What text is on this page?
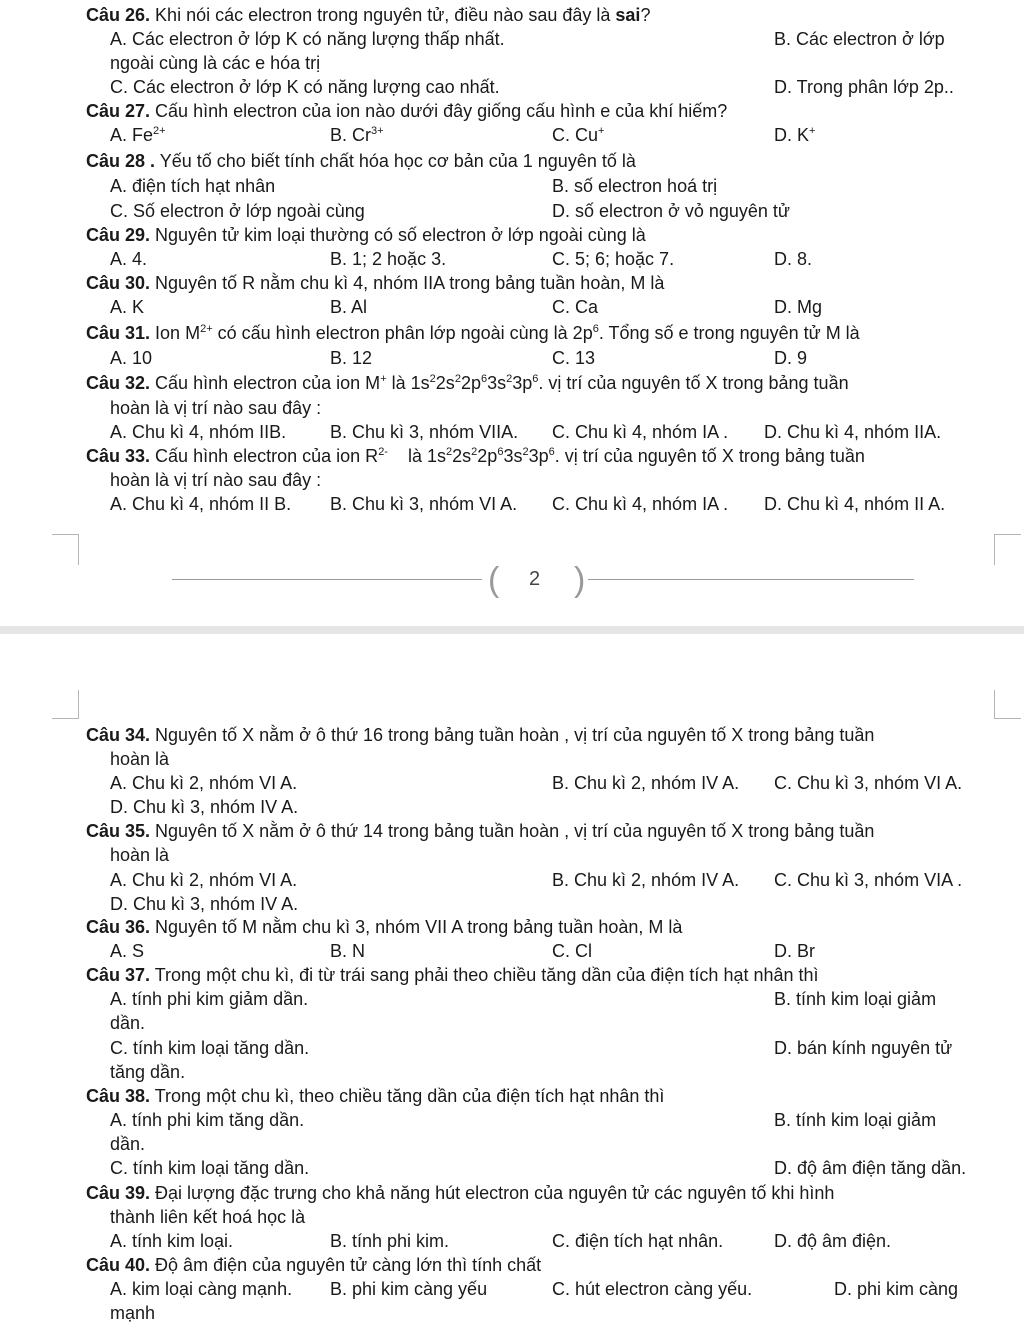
Câu 26. Khi nói các electron trong nguyên tử, điều nào sau đây là sai?
A. Các electron ở lớp K có năng lượng thấp nhất.	B. Các electron ở lớp
ngoài cùng là các e hóa trị
C. Các electron ở lớp K có năng lượng cao nhất.	D. Trong phân lớp 2p..
Câu 27. Cấu hình electron của ion nào dưới đây giống cấu hình e của khí hiếm?
A. $Fe^{2+}$	B. $Cr^{3+}$	C. Cu+	D. K+
Câu 28 . Yếu tố cho biết tính chất hóa học cơ bản của 1 nguyên tố là
A. điện tích hạt nhân	B. số electron hoá trị
C. Số electron ở lớp ngoài cùng	D. số electron ở vỏ nguyên tử
Câu 29. Nguyên tử kim loại thường có số electron ở lớp ngoài cùng là
A. 4.	B. 1; 2 hoặc 3.	C. 5; 6; hoặc 7.	D. 8.
Câu 30. Nguyên tố R nằm chu kì 4, nhóm IIA trong bảng tuần hoàn, M là
A. K	B. Al	C. Ca	D. Mg
Câu 31. Ion $M^{2+}$ có cấu hình electron phân lớp ngoài cùng là $2p^6$. Tổng số e trong nguyên tử M là
A. 10	B. 12	C. 13	D. 9
Câu 32. Cấu hình electron của ion M+ là $1s^22s^22p^63s^23p^6$. vị trí của nguyên tố X trong bảng tuần
hoàn là vị trí nào sau đây :
A. Chu kì 4, nhóm IIB. B. Chu kì 3, nhóm VIIA. C. Chu kì 4, nhóm IA . D. Chu kì 4, nhóm IIA.
Câu 33. Cấu hình electron của ion $R^{2-}$ là $1s^22s^22p^63s^23p^6$. vị trí của nguyên tố X trong bảng tuần
hoàn là vị trí nào sau đây :
A. Chu kì 4, nhóm II B. B. Chu kì 3, nhóm VI A. C. Chu kì 4, nhóm IA . D. Chu kì 4, nhóm II A.
( 2 )
Câu 34. Nguyên tố X nằm ở ô thứ 16 trong bảng tuần hoàn , vị trí của nguyên tố X trong bảng tuần
hoàn là
A. Chu kì 2, nhóm VI A.	B. Chu kì 2, nhóm IV A. C. Chu kì 3, nhóm VI A.
D. Chu kì 3, nhóm IV A.
Câu 35. Nguyên tố X nằm ở ô thứ 14 trong bảng tuần hoàn , vị trí của nguyên tố X trong bảng tuần
hoàn là
A. Chu kì 2, nhóm VI A.	B. Chu kì 2, nhóm IV A. C. Chu kì 3, nhóm VIA .
D. Chu kì 3, nhóm IV A.
Câu 36. Nguyên tố M nằm chu kì 3, nhóm VII A trong bảng tuần hoàn, M là
A. S	B. N	C. Cl	D. Br
Câu 37. Trong một chu kì, đi từ trái sang phải theo chiều tăng dần của điện tích hạt nhân thì
A. tính phi kim giảm dần.	B. tính kim loại giảm
dần.
C. tính kim loại tăng dần.	D. bán kính nguyên tử
tăng dần.
Câu 38. Trong một chu kì, theo chiều tăng dần của điện tích hạt nhân thì
A. tính phi kim tăng dần.	B. tính kim loại giảm
dần.
C. tính kim loại tăng dần.	D. độ âm điện tăng dần.
Câu 39. Đại lượng đặc trưng cho khả năng hút electron của nguyên tử các nguyên tố khi hình
thành liên kết hoá học là
A. tính kim loại.	B. tính phi kim.	C. điện tích hạt nhân.	D. độ âm điện.
Câu 40. Độ âm điện của nguyên tử càng lớn thì tính chất
A. kim loại càng mạnh. B. phi kim càng yếu	C. hút electron càng yếu.	D. phi kim càng
mạnh
